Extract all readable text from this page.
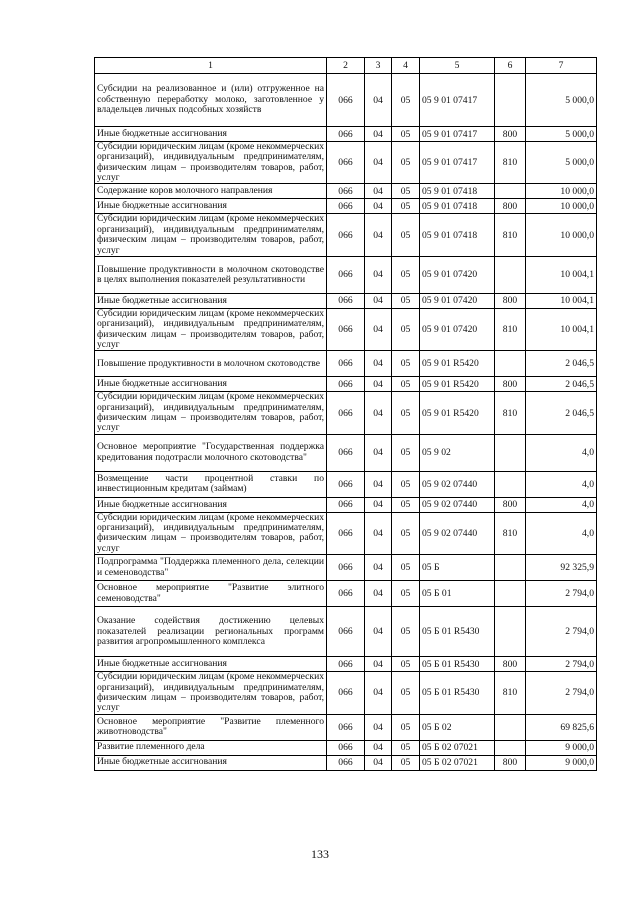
1	2	3	4	5	6	7
Субсидии на реализованное и (или) отгруженное на собственную переработку молоко, заготовленное у владельцев личных подсобных хозяйств	066	04	05	05 9 01 07417		5 000,0
Иные бюджетные ассигнования	066	04	05	05 9 01 07417	800	5 000,0
Субсидии юридическим лицам (кроме некоммерческих организаций), индивидуальным предпринимателям, физическим лицам – производителям товаров, работ, услуг	066	04	05	05 9 01 07417	810	5 000,0
Содержание коров молочного направления	066	04	05	05 9 01 07418		10 000,0
Иные бюджетные ассигнования	066	04	05	05 9 01 07418	800	10 000,0
Субсидии юридическим лицам (кроме некоммерческих организаций), индивидуальным предпринимателям, физическим лицам – производителям товаров, работ, услуг	066	04	05	05 9 01 07418	810	10 000,0
Повышение продуктивности в молочном скотоводстве в целях выполнения показателей результативности	066	04	05	05 9 01 07420		10 004,1
Иные бюджетные ассигнования	066	04	05	05 9 01 07420	800	10 004,1
Субсидии юридическим лицам (кроме некоммерческих организаций), индивидуальным предпринимателям, физическим лицам – производителям товаров, работ, услуг	066	04	05	05 9 01 07420	810	10 004,1
Повышение продуктивности в молочном скотоводстве	066	04	05	05 9 01 R5420		2 046,5
Иные бюджетные ассигнования	066	04	05	05 9 01 R5420	800	2 046,5
Субсидии юридическим лицам (кроме некоммерческих организаций), индивидуальным предпринимателям, физическим лицам – производителям товаров, работ, услуг	066	04	05	05 9 01 R5420	810	2 046,5
Основное мероприятие "Государственная поддержка кредитования подотрасли молочного скотоводства"	066	04	05	05 9 02		4,0
Возмещение части процентной ставки по инвестиционным кредитам (займам)	066	04	05	05 9 02 07440		4,0
Иные бюджетные ассигнования	066	04	05	05 9 02 07440	800	4,0
Субсидии юридическим лицам (кроме некоммерческих организаций), индивидуальным предпринимателям, физическим лицам – производителям товаров, работ, услуг	066	04	05	05 9 02 07440	810	4,0
Подпрограмма "Поддержка племенного дела, селекции и семеноводства"	066	04	05	05 Б		92 325,9
Основное мероприятие "Развитие элитного семеноводства"	066	04	05	05 Б 01		2 794,0
Оказание содействия достижению целевых показателей реализации региональных программ развития агропромышленного комплекса	066	04	05	05 Б 01 R5430		2 794,0
Иные бюджетные ассигнования	066	04	05	05 Б 01 R5430	800	2 794,0
Субсидии юридическим лицам (кроме некоммерческих организаций), индивидуальным предпринимателям, физическим лицам – производителям товаров, работ, услуг	066	04	05	05 Б 01 R5430	810	2 794,0
Основное мероприятие "Развитие племенного животноводства"	066	04	05	05 Б 02		69 825,6
Развитие племенного дела	066	04	05	05 Б 02 07021		9 000,0
Иные бюджетные ассигнования	066	04	05	05 Б 02 07021	800	9 000,0
133
